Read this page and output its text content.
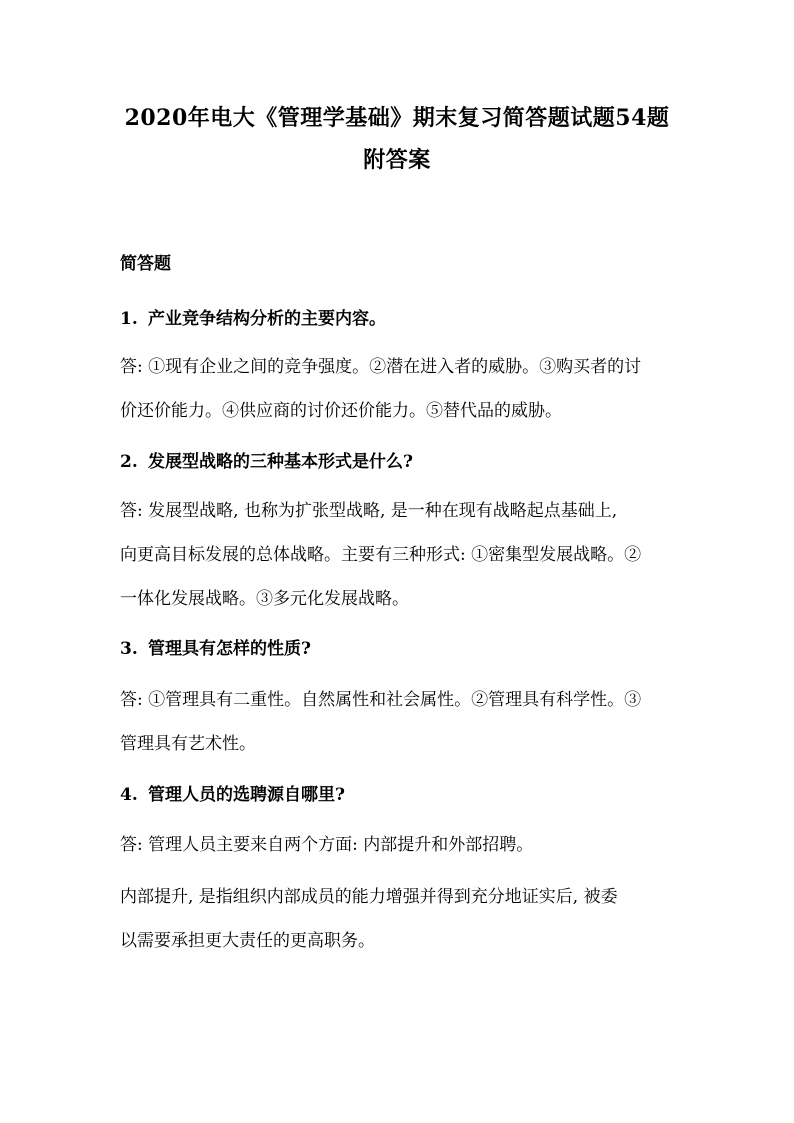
2020年电大《管理学基础》期末复习简答题试题54题
附答案
简答题
1. 产业竞争结构分析的主要内容。
答: ①现有企业之间的竞争强度。②潜在进入者的威胁。③购买者的讨
价还价能力。④供应商的讨价还价能力。⑤替代品的威胁。
2. 发展型战略的三种基本形式是什么?
答: 发展型战略, 也称为扩张型战略, 是一种在现有战略起点基础上,
向更高目标发展的总体战略。主要有三种形式: ①密集型发展战略。②
一体化发展战略。③多元化发展战略。
3. 管理具有怎样的性质?
答: ①管理具有二重性。自然属性和社会属性。②管理具有科学性。③
管理具有艺术性。
4. 管理人员的选聘源自哪里?
答: 管理人员主要来自两个方面: 内部提升和外部招聘。
内部提升, 是指组织内部成员的能力增强并得到充分地证实后, 被委
以需要承担更大责任的更高职务。
